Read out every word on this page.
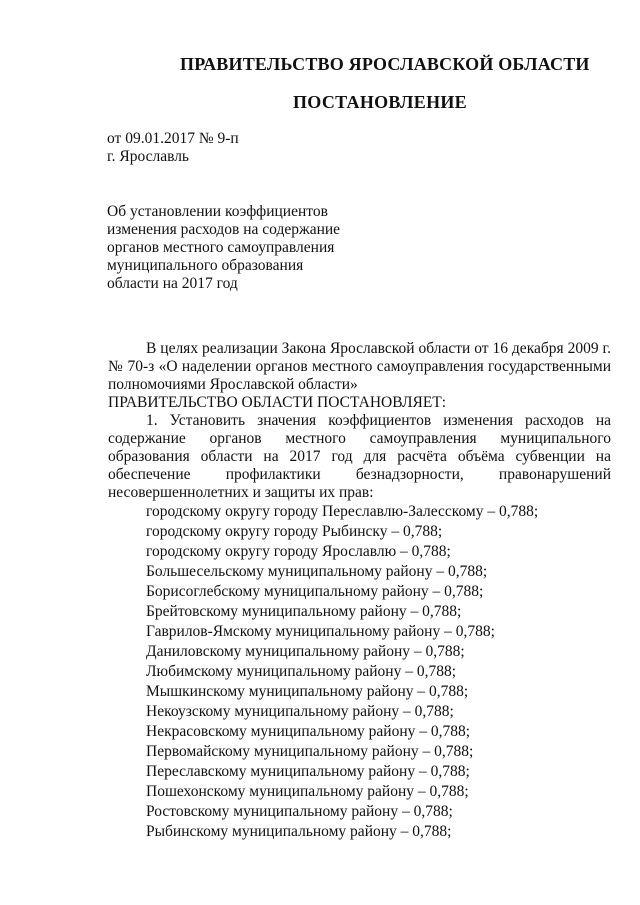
ПРАВИТЕЛЬСТВО ЯРОСЛАВСКОЙ ОБЛАСТИ
ПОСТАНОВЛЕНИЕ
от 09.01.2017 № 9-п
г. Ярославль
Об установлении коэффициентов
изменения расходов на содержание
органов местного самоуправления
муниципального образования
области на 2017 год

В целях реализации Закона Ярославской области от 16 декабря 2009 г. № 70-з «О наделении органов местного самоуправления государственными полномочиями Ярославской области»

ПРАВИТЕЛЬСТВО ОБЛАСТИ ПОСТАНОВЛЯЕТ:

1. Установить значения коэффициентов изменения расходов на содержание органов местного самоуправления муниципального образования области на 2017 год для расчёта объёма субвенции на обеспечение профилактики безнадзорности, правонарушений несовершеннолетних и защиты их прав:

городскому округу городу Переславлю-Залесскому – 0,788;
городскому округу городу Рыбинску – 0,788;
городскому округу городу Ярославлю – 0,788;
Большесельскому муниципальному району – 0,788;
Борисоглебскому муниципальному району – 0,788;
Брейтовскому муниципальному району – 0,788;
Гаврилов-Ямскому муниципальному району – 0,788;
Даниловскому муниципальному району – 0,788;
Любимскому муниципальному району – 0,788;
Мышкинскому муниципальному району – 0,788;
Некоузскому муниципальному району – 0,788;
Некрасовскому муниципальному району – 0,788;
Первомайскому муниципальному району – 0,788;
Переславскому муниципальному району – 0,788;
Пошехонскому муниципальному району – 0,788;
Ростовскому муниципальному району – 0,788;
Рыбинскому муниципальному району – 0,788;
